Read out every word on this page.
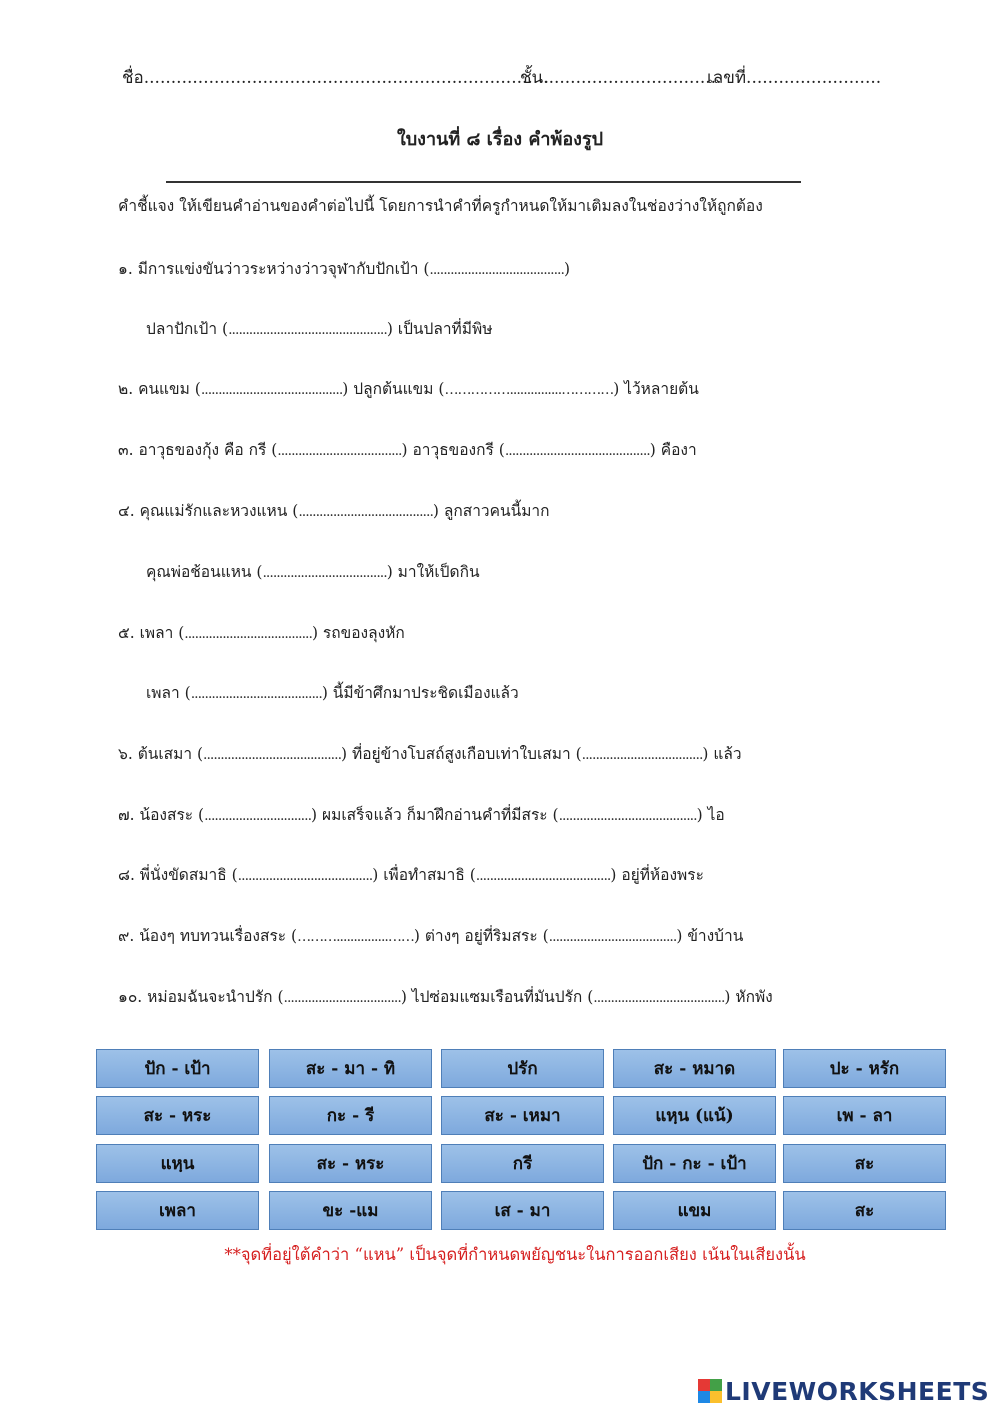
ชื่อ...........................................................................
ชั้น.................................
เลขที่.........................
ใบงานที่ ๘ เรื่อง คำพ้องรูป
คำชี้แจง ให้เขียนคำอ่านของคำต่อไปนี้ โดยการนำคำที่ครูกำหนดให้มาเติมลงในช่องว่างให้ถูกต้อง
๑. มีการแข่งขันว่าวระหว่างว่าวจุฬากับปักเป้า (.......................................)
ปลาปักเป้า (..............................................) เป็นปลาที่มีพิษ
๒. คนแขม (.........................................) ปลูกต้นแขม (……………...............…………) ไว้หลายต้น
๓. อาวุธของกุ้ง คือ กรี (....................................) อาวุธของกรี (..........................................) คืองา
๔. คุณแม่รักและหวงแหน (.......................................) ลูกสาวคนนี้มาก
คุณพ่อช้อนแหน (....................................) มาให้เป็ดกิน
๕. เพลา (.....................................) รถของลุงหัก
เพลา (......................................) นี้มีข้าศึกมาประชิดเมืองแล้ว
๖. ต้นเสมา (........................................) ที่อยู่ข้างโบสถ์สูงเกือบเท่าใบเสมา (...................................) แล้ว
๗. น้องสระ (...............................) ผมเสร็จแล้ว ก็มาฝึกอ่านคำที่มีสระ (........................................) ไอ
๘. พี่นั่งขัดสมาธิ (.......................................) เพื่อทำสมาธิ (.......................................) อยู่ที่ห้องพระ
๙. น้องๆ ทบทวนเรื่องสระ (………...............……) ต่างๆ อยู่ที่ริมสระ (.....................................) ข้างบ้าน
๑๐. หม่อมฉันจะนำปรัก (..................................) ไปซ่อมแซมเรือนที่มันปรัก (......................................) หักพัง
ปัก - เป้า	สะ - มา - ทิ	ปรัก	สะ - หมาด	ปะ - หรัก
สะ - หระ	กะ - รี	สะ - เหมา	แหฺน (แน้)	เพ - ลา
แหฺน	สะ - หระ	กรี	ปัก - กะ - เป้า	สะ
เพลา	ขะ -แม	เส - มา	แขม	สะ
**จุดที่อยู่ใต้คำว่า “แหน” เป็นจุดที่กำหนดพยัญชนะในการออกเสียง เน้นในเสียงนั้น
LIVEWORKSHEETS
